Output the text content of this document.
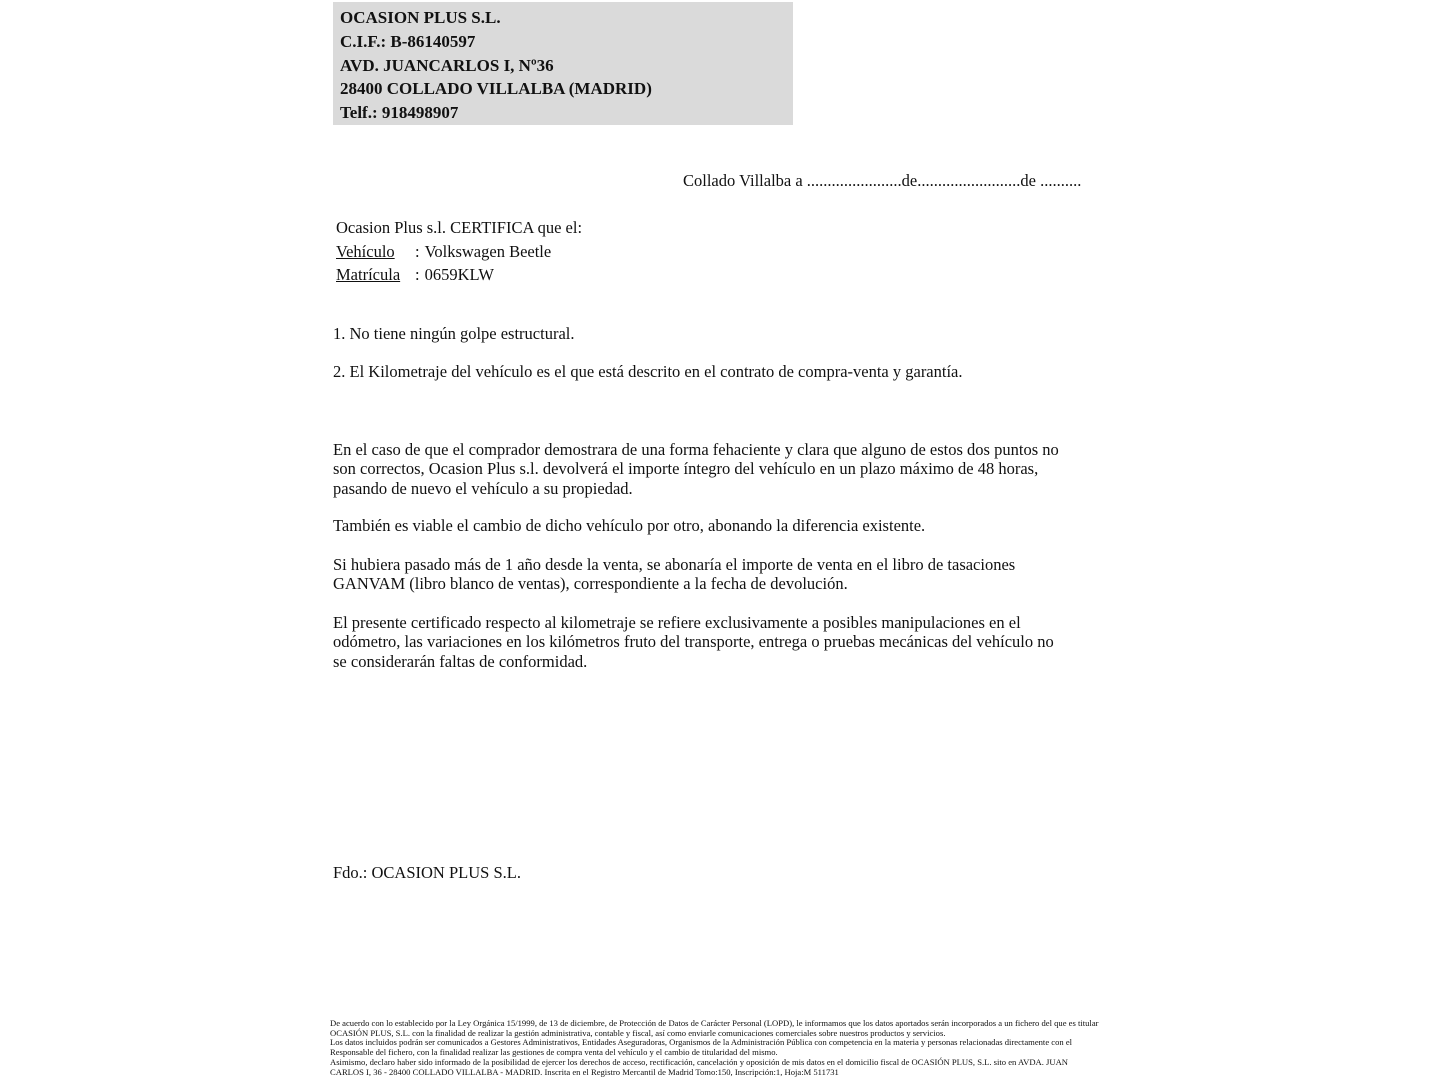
OCASION PLUS S.L.
C.I.F.: B-86140597
AVD. JUANCARLOS I, Nº36
28400 COLLADO VILLALBA (MADRID)
Telf.: 918498907
Collado Villalba a .......................de.........................de ..........
Ocasion Plus s.l. CERTIFICA que el:
Vehículo : Volkswagen Beetle
Matrícula : 0659KLW
1. No tiene ningún golpe estructural.
2. El Kilometraje del vehículo es el que está descrito en el contrato de compra-venta y garantía.
En el caso de que el comprador demostrara de una forma fehaciente y clara que alguno de estos dos puntos no
son correctos, Ocasion Plus s.l. devolverá el importe íntegro del vehículo en un plazo máximo de 48 horas,
pasando de nuevo el vehículo a su propiedad.
También es viable el cambio de dicho vehículo por otro, abonando la diferencia existente.
Si hubiera pasado más de 1 año desde la venta, se abonaría el importe de venta en el libro de tasaciones
GANVAM (libro blanco de ventas), correspondiente a la fecha de devolución.
El presente certificado respecto al kilometraje se refiere exclusivamente a posibles manipulaciones en el
odómetro, las variaciones en los kilómetros fruto del transporte, entrega o pruebas mecánicas del vehículo no
se considerarán faltas de conformidad.
Fdo.: OCASION PLUS S.L.
De acuerdo con lo establecido por la Ley Orgánica 15/1999, de 13 de diciembre, de Protección de Datos de Carácter Personal (LOPD), le informamos que los datos aportados serán incorporados a un fichero del que es titular
OCASIÓN PLUS, S.L. con la finalidad de realizar la gestión administrativa, contable y fiscal, así como enviarle comunicaciones comerciales sobre nuestros productos y servicios.
Los datos incluidos podrán ser comunicados a Gestores Administrativos, Entidades Aseguradoras, Organismos de la Administración Pública con competencia en la materia y personas relacionadas directamente con el
Responsable del fichero, con la finalidad realizar las gestiones de compra venta del vehículo y el cambio de titularidad del mismo.
Asimismo, declaro haber sido informado de la posibilidad de ejercer los derechos de acceso, rectificación, cancelación y oposición de mis datos en el domicilio fiscal de OCASIÓN PLUS, S.L. sito en AVDA. JUAN
CARLOS I, 36 - 28400 COLLADO VILLALBA - MADRID. Inscrita en el Registro Mercantil de Madrid Tomo:150, Inscripción:1, Hoja:M 511731
